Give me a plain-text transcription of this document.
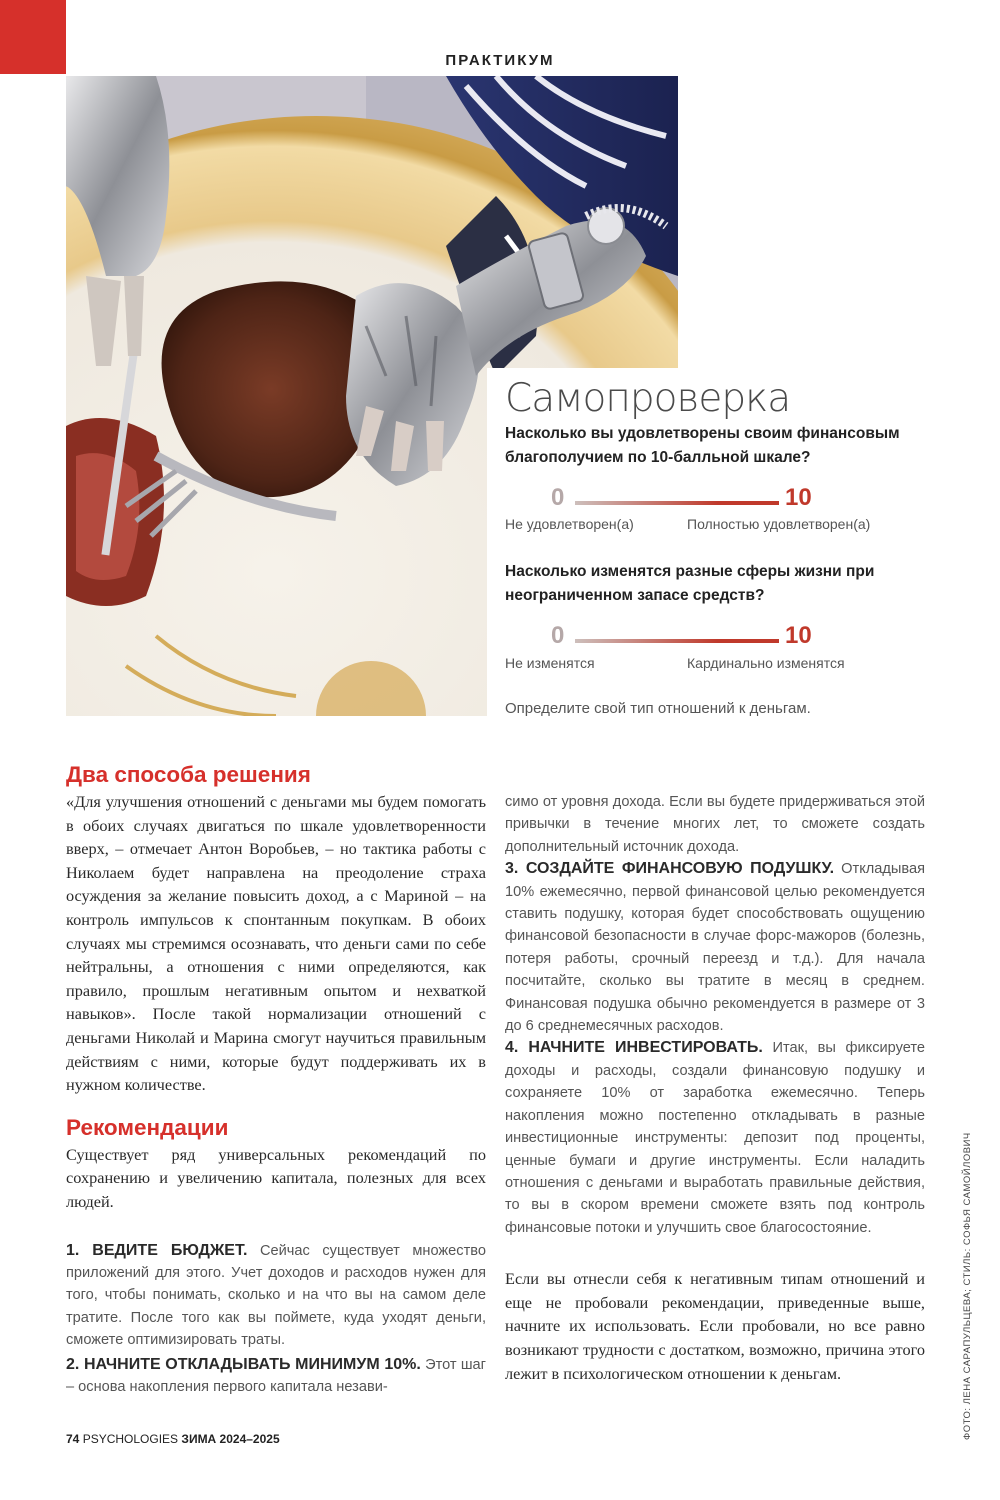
ПРАКТИКУМ
Самопроверка
Насколько вы удовлетворены своим финансовым благополучием по 10-балльной шкале?
0	10
Не удовлетворен(а)	Полностью удовлетворен(а)
Насколько изменятся разные сферы жизни при неограниченном запасе средств?
0	10
Не изменятся	Кардинально изменятся
Определите свой тип отношений к деньгам.
Два способа решения

«Для улучшения отношений с деньгами мы будем помогать в обоих случаях двигаться по шкале удовлетворенности вверх, – отмечает Антон Воробьев, – но тактика работы с Николаем будет направлена на преодоление страха осуждения за желание повысить доход, а с Мариной – на контроль импульсов к спонтанным покупкам. В обоих случаях мы стремимся осознавать, что деньги сами по себе нейтральны, а отношения с ними определяются, как правило, прошлым негативным опытом и нехваткой навыков». После такой нормализации отношений с деньгами Николай и Марина смогут научиться правильным действиям с ними, которые будут поддерживать их в нужном количестве.

Рекомендации

Существует ряд универсальных рекомендаций по сохранению и увеличению капитала, полезных для всех людей.

1. ВЕДИТЕ БЮДЖЕТ. Сейчас существует множество приложений для этого. Учет доходов и расходов нужен для того, чтобы понимать, сколько и на что вы на самом деле тратите. После того как вы поймете, куда уходят деньги, сможете оптимизировать траты.

2. НАЧНИТЕ ОТКЛАДЫВАТЬ МИНИМУМ 10%. Этот шаг – основа накопления первого капитала незави-

симо от уровня дохода. Если вы будете придерживаться этой привычки в течение многих лет, то сможете создать дополнительный источник дохода.

3. СОЗДАЙТЕ ФИНАНСОВУЮ ПОДУШКУ. Откладывая 10% ежемесячно, первой финансовой целью рекомендуется ставить подушку, которая будет способствовать ощущению финансовой безопасности в случае форс-мажоров (болезнь, потеря работы, срочный переезд и т.д.). Для начала посчитайте, сколько вы тратите в месяц в среднем. Финансовая подушка обычно рекомендуется в размере от 3 до 6 среднемесячных расходов.

4. НАЧНИТЕ ИНВЕСТИРОВАТЬ. Итак, вы фиксируете доходы и расходы, создали финансовую подушку и сохраняете 10% от заработка ежемесячно. Теперь накопления можно постепенно откладывать в разные инвестиционные инструменты: депозит под проценты, ценные бумаги и другие инструменты. Если наладить отношения с деньгами и выработать правильные действия, то вы в скором времени сможете взять под контроль финансовые потоки и улучшить свое благосостояние.

Если вы отнесли себя к негативным типам отношений и еще не пробовали рекомендации, приведенные выше, начните их использовать. Если пробовали, но все равно возникают трудности с достатком, возможно, причина этого лежит в психологическом отношении к деньгам.	ФОТО: ЛЕНА САРАПУЛЬЦЕВА; СТИЛЬ: СОФЬЯ САМОЙЛОВИЧ
74 PSYCHOLOGIES ЗИМА 2024–2025
